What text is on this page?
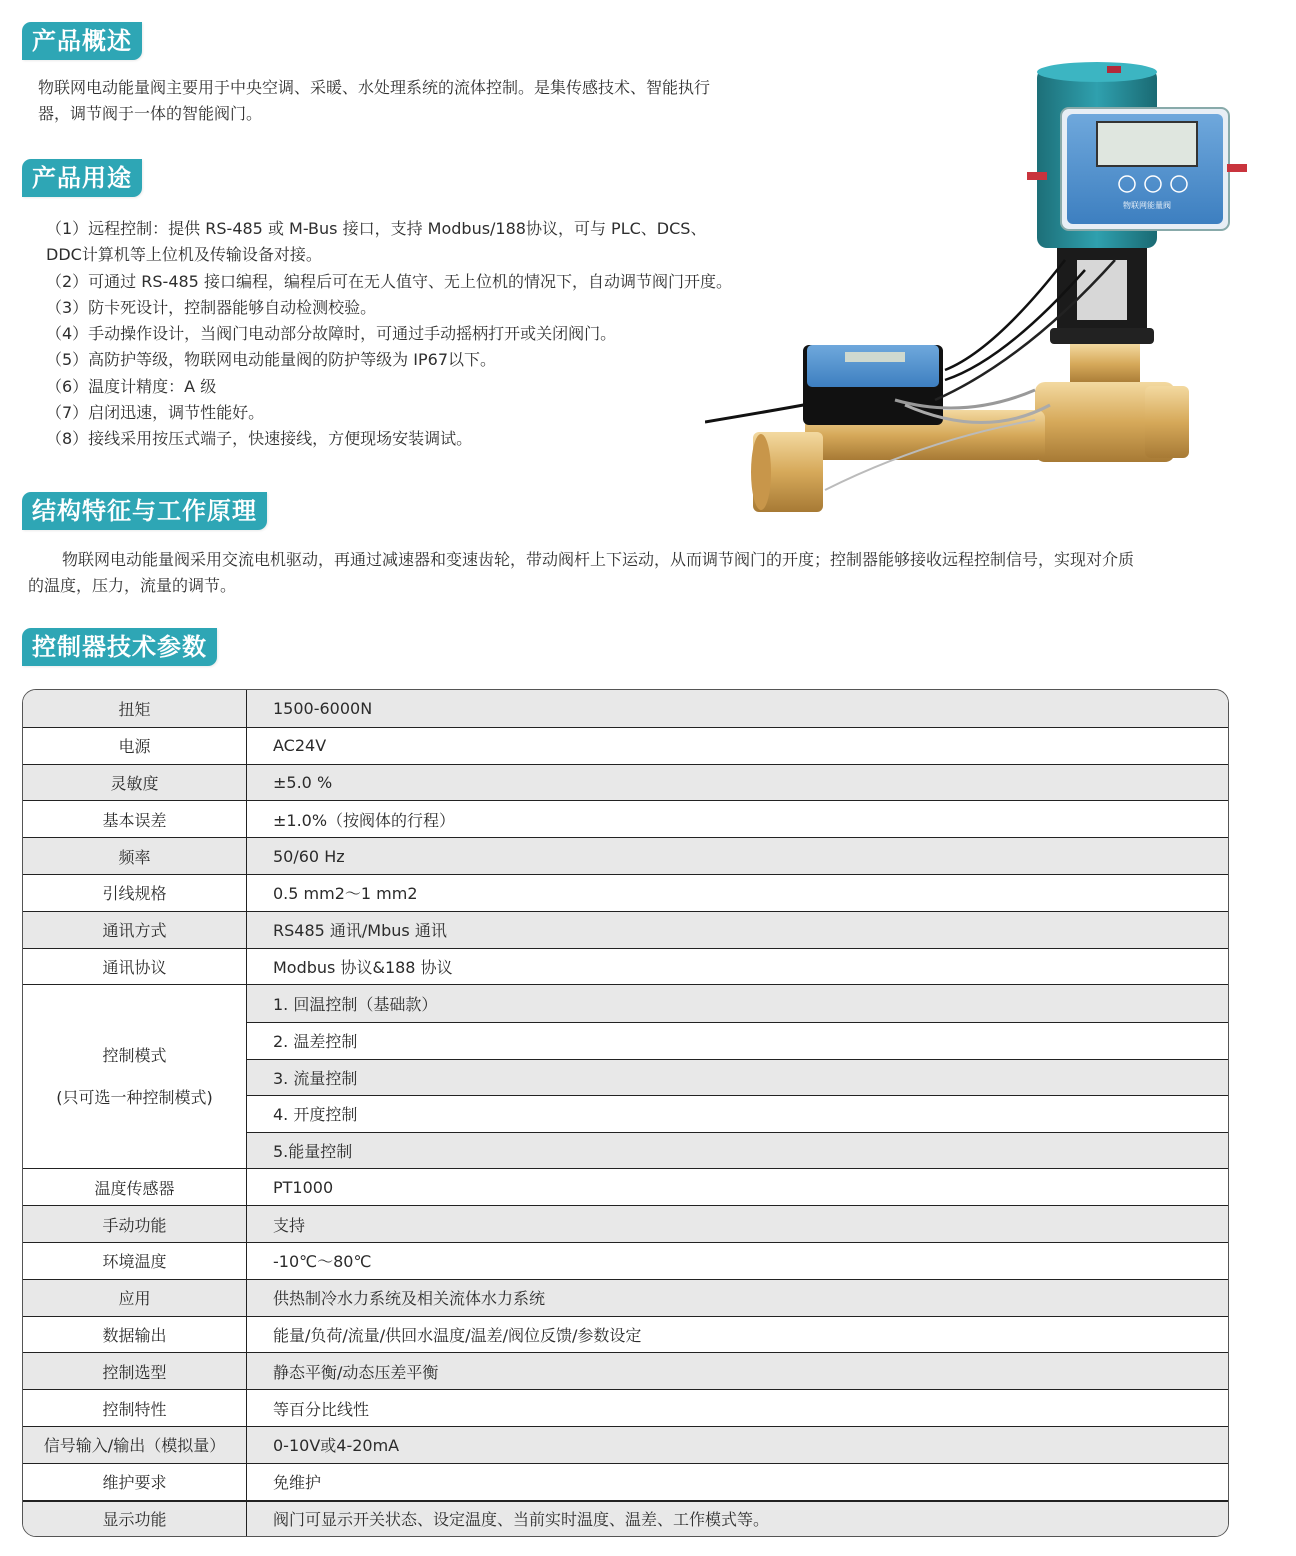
产品概述
物联网电动能量阀主要用于中央空调、采暖、水处理系统的流体控制。是集传感技术、智能执行
器，调节阀于一体的智能阀门。
产品用途
（1）远程控制：提供 RS-485 或 M-Bus 接口，支持 Modbus/188协议，可与 PLC、DCS、
DDC计算机等上位机及传输设备对接。
（2）可通过 RS-485 接口编程，编程后可在无人值守、无上位机的情况下，自动调节阀门开度。
（3）防卡死设计，控制器能够自动检测校验。
（4）手动操作设计，当阀门电动部分故障时，可通过手动摇柄打开或关闭阀门。
（5）高防护等级，物联网电动能量阀的防护等级为 IP67以下。
（6）温度计精度：A 级
（7）启闭迅速，调节性能好。
（8）接线采用按压式端子，快速接线，方便现场安装调试。
物联网能量阀
结构特征与工作原理
物联网电动能量阀采用交流电机驱动，再通过减速器和变速齿轮，带动阀杆上下运动，从而调节阀门的开度；控制器能够接收远程控制信号，实现对介质
的温度，压力，流量的调节。
控制器技术参数
扭矩	1500-6000N
电源	AC24V
灵敏度	±5.0 %
基本误差	±1.0%（按阀体的行程）
频率	50/60 Hz
引线规格	0.5 mm2～1 mm2
通讯方式	RS485 通讯/Mbus 通讯
通讯协议	Modbus 协议&188 协议
控制模式
(只可选一种控制模式)
1. 回温控制（基础款）
2. 温差控制
3. 流量控制
4. 开度控制
5.能量控制
温度传感器	PT1000
手动功能	支持
环境温度	-10℃～80℃
应用	供热制冷水力系统及相关流体水力系统
数据输出	能量/负荷/流量/供回水温度/温差/阀位反馈/参数设定
控制选型	静态平衡/动态压差平衡
控制特性	等百分比线性
信号输入/输出（模拟量）	0-10V或4-20mA
维护要求	免维护
显示功能	阀门可显示开关状态、设定温度、当前实时温度、温差、工作模式等。
